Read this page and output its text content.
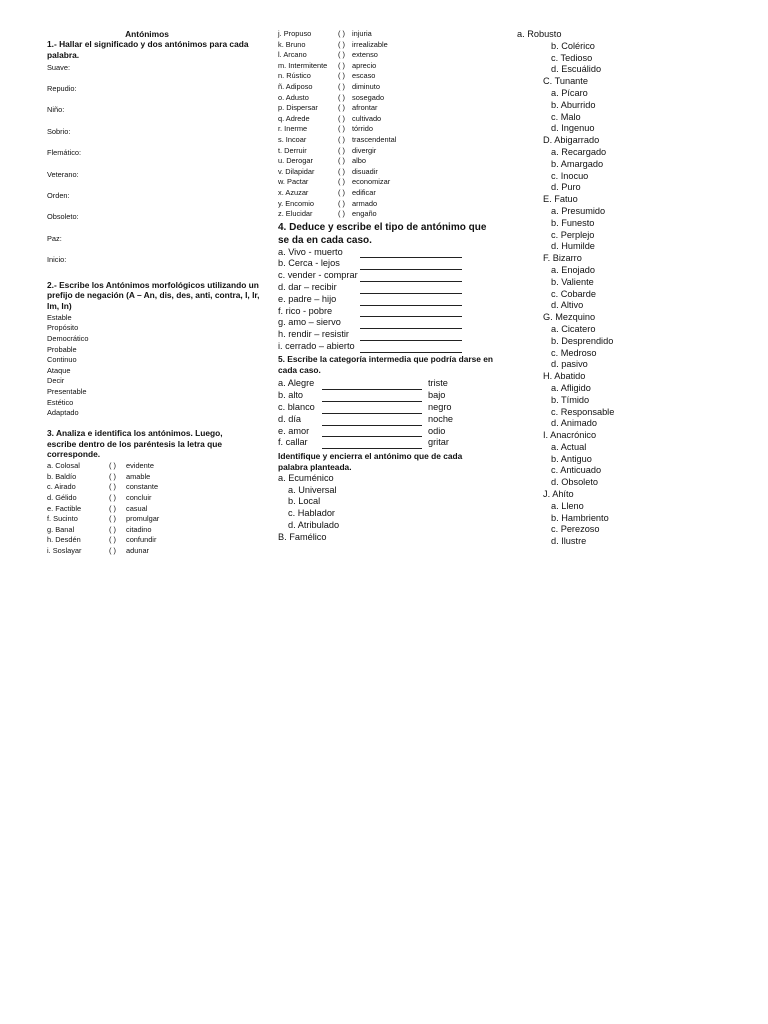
Antónimos
1.- Hallar el significado y dos antónimos para cada palabra.
Suave:
Repudio:
Niño:
Sobrio:
Flemático:
Veterano:
Orden:
Obsoleto:
Paz:
Inicio:
2.- Escribe los Antónimos morfológicos utilizando un prefijo de negación (A – An, dis, des, anti, contra, I, Ir, Im, In)
Estable
Propósito
Democrático
Probable
Continuo
Ataque
Decir
Presentable
Estético
Adaptado
3. Analiza e identifica los antónimos. Luego, escribe dentro de los paréntesis la letra que corresponde.
a. Colosal	( )	evidente
b. Baldío	( )	amable
c. Airado	( )	constante
d. Gélido	( )	concluir
e. Factible	( )	casual
f. Sucinto	( )	promulgar
g. Banal	( )	citadino
h. Desdén	( )	confundir
i. Soslayar	( )	adunar
j. Propuso	( ) injuria
k. Bruno	( ) irrealizable
l. Arcano	( ) extenso
m. Intermitente	( ) aprecio
n. Rústico	( ) escaso
ñ. Adiposo	( ) diminuto
o. Adusto	( ) sosegado
p. Dispersar	( ) afrontar
q. Adrede	( ) cultivado
r. Inerme	( ) tórrido
s. Incoar	( ) trascendental
t. Derruir	( ) divergir
u. Derogar	( ) albo
v. Dilapidar	( ) disuadir
w. Pactar	( ) economizar
x. Azuzar	( ) edificar
y. Encomio	( ) armado
z. Elucidar	( ) engaño
4. Deduce y escribe el tipo de antónimo que se da en cada caso.
a. Vivo - muerto
b. Cerca - lejos
c. vender - comprar
d. dar – recibir
e. padre – hijo
f. rico - pobre
g. amo – siervo
h. rendir – resistir
i. cerrado – abierto
5. Escribe la categoría intermedia que podría darse en cada caso.
a. Alegre	triste
b. alto	bajo
c. blanco	negro
d. día	noche
e. amor	odio
f. callar	gritar
Identifique y encierra el antónimo que de cada palabra planteada.
a. Ecuménico
a. Universal
b. Local
c. Hablador
d. Atribulado
B. Famélico
a. Robusto
b. Colérico
c. Tedioso
d. Escuálido
C. Tunante
a. Pícaro
b. Aburrido
c. Malo
d. Ingenuo
D. Abigarrado
a. Recargado
b. Amargado
c. Inocuo
d. Puro
E. Fatuo
a. Presumido
b. Funesto
c. Perplejo
d. Humilde
F. Bizarro
a. Enojado
b. Valiente
c. Cobarde
d. Altivo
G. Mezquino
a. Cicatero
b. Desprendido
c. Medroso
d. pasivo
H. Abatido
a. Afligido
b. Tímido
c. Responsable
d. Animado
I. Anacrónico
a. Actual
b. Antiguo
c. Anticuado
d. Obsoleto
J. Ahíto
a. Lleno
b. Hambriento
c. Perezoso
d. Ilustre
